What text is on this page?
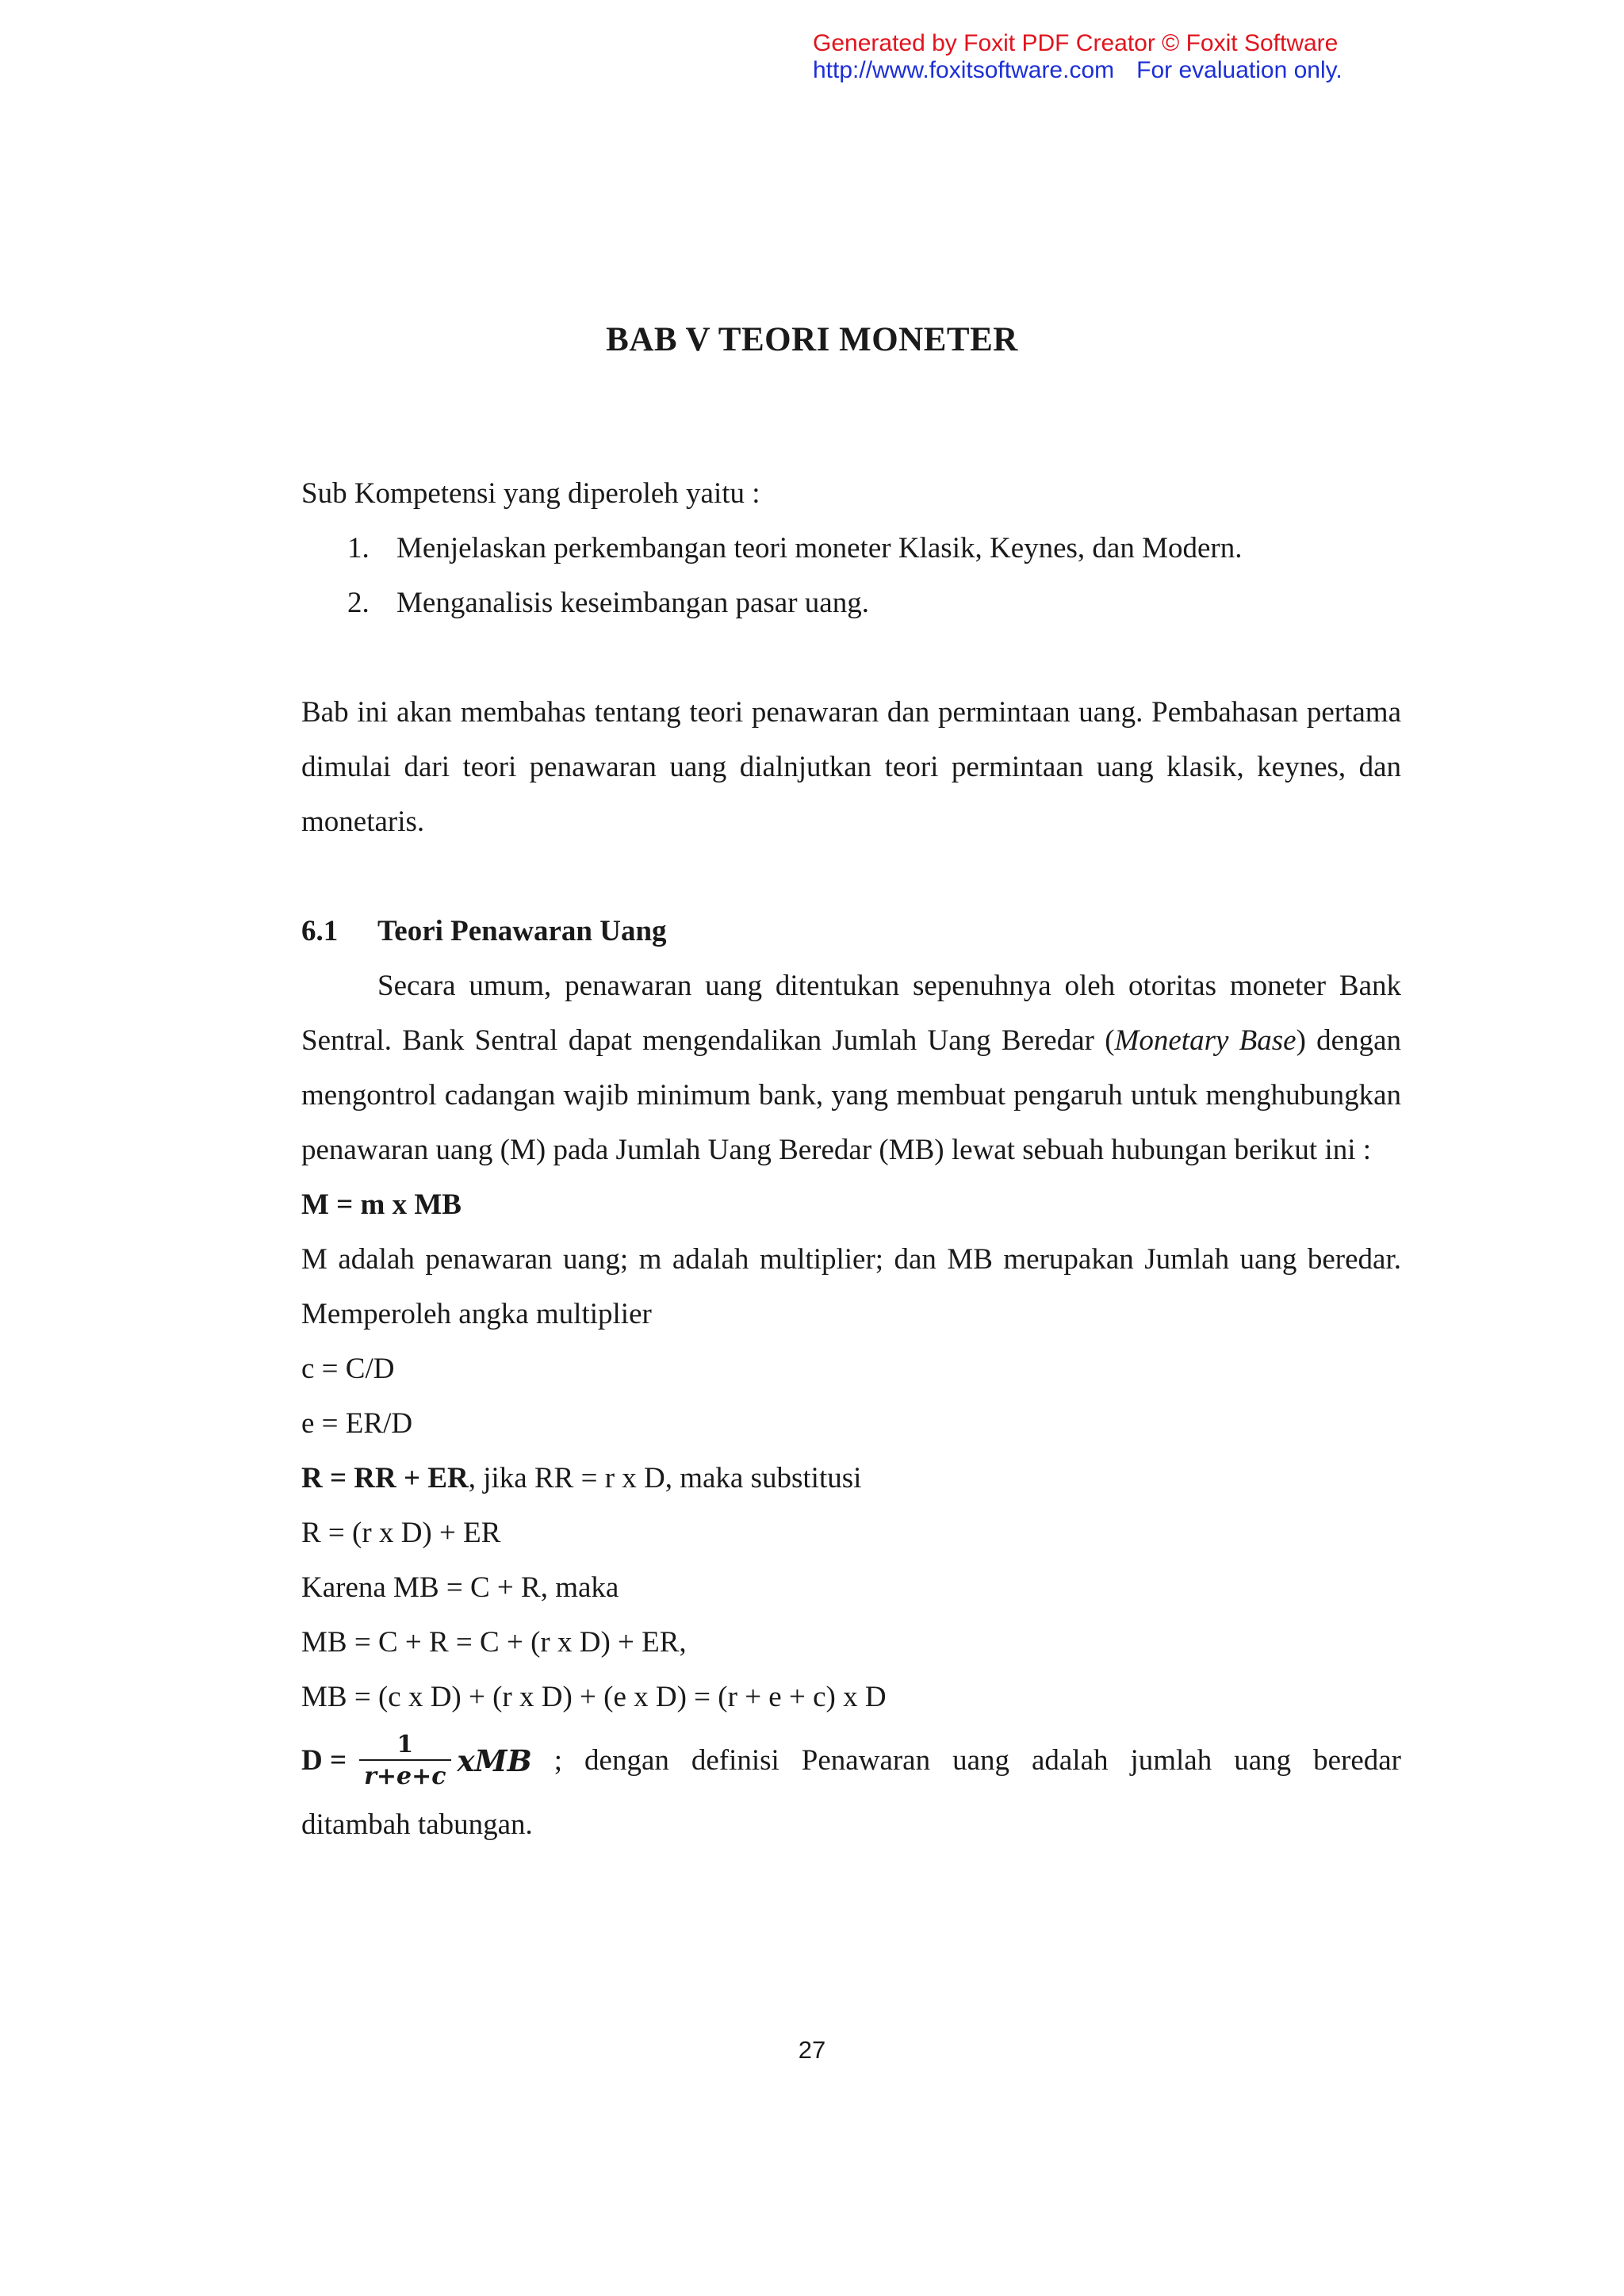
Generated by Foxit PDF Creator © Foxit Software
http://www.foxitsoftware.com For evaluation only.
BAB V TEORI MONETER

Sub Kompetensi yang diperoleh yaitu :

1. Menjelaskan perkembangan teori moneter Klasik, Keynes, dan Modern.
2. Menganalisis keseimbangan pasar uang.

Bab ini akan membahas tentang teori penawaran dan permintaan uang. Pembahasan pertama dimulai dari teori penawaran uang dialnjutkan teori permintaan uang klasik, keynes, dan monetaris.

6.1 Teori Penawaran Uang

Secara umum, penawaran uang ditentukan sepenuhnya oleh otoritas moneter Bank Sentral. Bank Sentral dapat mengendalikan Jumlah Uang Beredar (Monetary Base) dengan mengontrol cadangan wajib minimum bank, yang membuat pengaruh untuk menghubungkan penawaran uang (M) pada Jumlah Uang Beredar (MB) lewat sebuah hubungan berikut ini :

M = m x MB

M adalah penawaran uang; m adalah multiplier; dan MB merupakan Jumlah uang beredar. Memperoleh angka multiplier

c = C/D

e = ER/D

R = RR + ER, jika RR = r x D, maka substitusi

R = (r x D) + ER

Karena MB = C + R, maka

MB = C + R = C + (r x D) + ER,

MB = (c x D) + (r x D) + (e x D) = (r + e + c) x D

$D = \frac{1}{r+e+c}$ xMB ; dengan definisi Penawaran uang adalah jumlah uang beredar

ditambah tabungan.

27
